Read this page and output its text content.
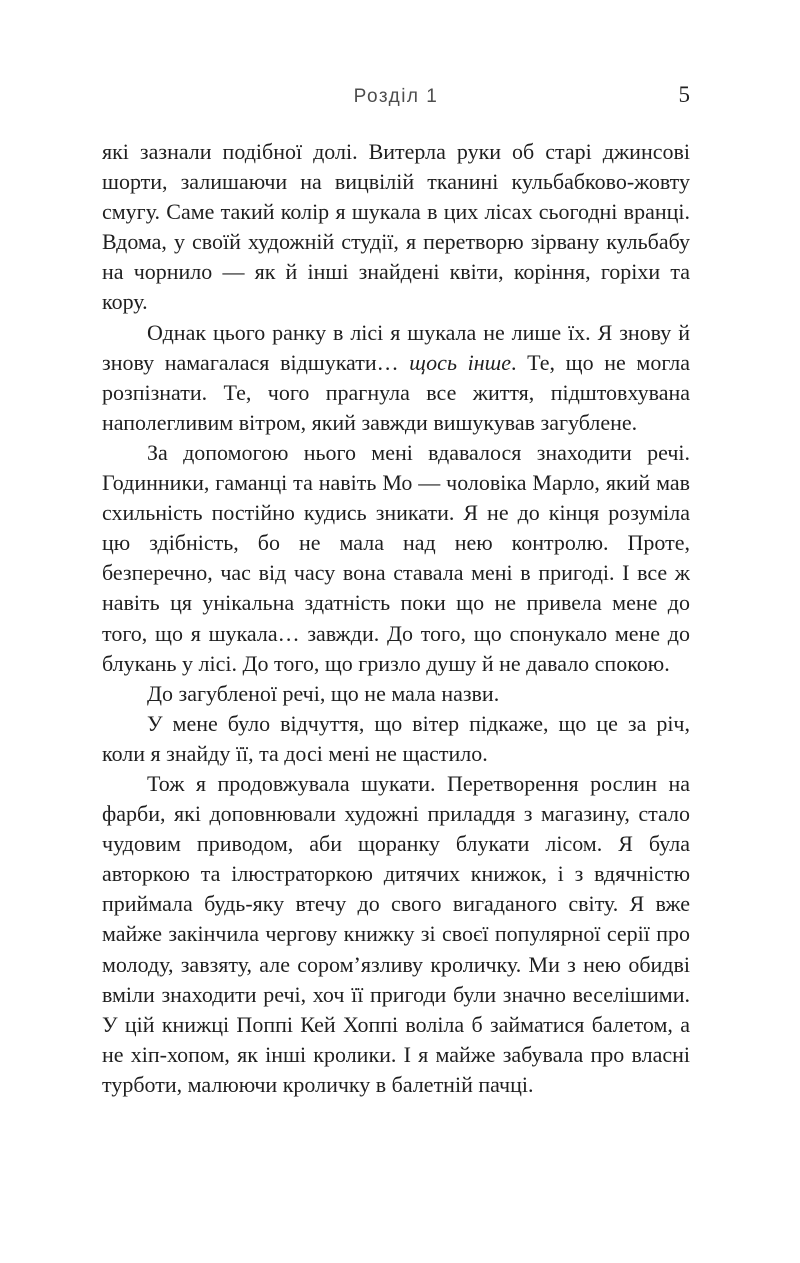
Розділ 1	5

які зазнали подібної долі. Витерла руки об старі джинсові шорти, залишаючи на вицвілій тканині кульбабково-жовту смугу. Саме такий колір я шукала в цих лісах сьогодні вранці. Вдома, у своїй художній студії, я перетворю зірвану кульбабу на чорнило — як й інші знайдені квіти, коріння, горіхи та кору.

Однак цього ранку в лісі я шукала не лише їх. Я знову й знову намагалася відшукати… щось інше. Те, що не могла розпізнати. Те, чого прагнула все життя, підштовхувана наполегливим вітром, який завжди вишукував загублене.

За допомогою нього мені вдавалося знаходити речі. Годинники, гаманці та навіть Мо — чоловіка Марло, який мав схильність постійно кудись зникати. Я не до кінця розуміла цю здібність, бо не мала над нею контролю. Проте, безперечно, час від часу вона ставала мені в пригоді. І все ж навіть ця унікальна здатність поки що не привела мене до того, що я шукала… завжди. До того, що спонукало мене до блукань у лісі. До того, що гризло душу й не давало спокою.

До загубленої речі, що не мала назви.

У мене було відчуття, що вітер підкаже, що це за річ, коли я знайду її, та досі мені не щастило.

Тож я продовжувала шукати. Перетворення рослин на фарби, які доповнювали художні приладдя з магазину, стало чудовим приводом, аби щоранку блукати лісом. Я була авторкою та ілюстраторкою дитячих книжок, і з вдячністю приймала будь-яку втечу до свого вигаданого світу. Я вже майже закінчила чергову книжку зі своєї популярної серії про молоду, завзяту, але сором’язливу кроличку. Ми з нею обидві вміли знаходити речі, хоч її пригоди були значно веселішими. У цій книжці Поппі Кей Хоппі воліла б займатися балетом, а не хіп-хопом, як інші кролики. І я майже забувала про власні турботи, малюючи кроличку в балетній пачці.
